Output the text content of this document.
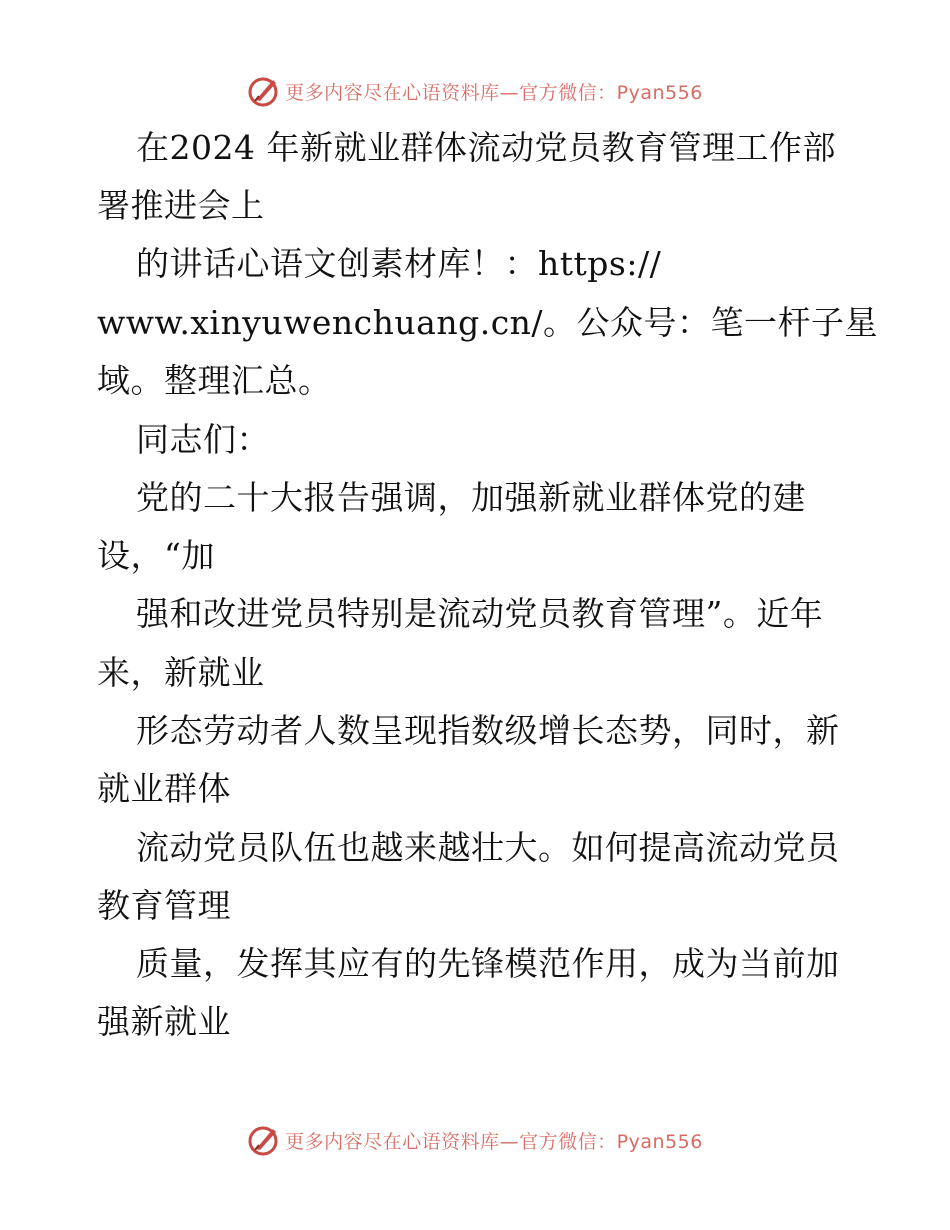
更多内容尽在心语资料库—官方微信：Pyan556
在2024 年新就业群体流动党员教育管理工作部
署推进会上
的讲话心语文创素材库！：https://
www.xinyuwenchuang.cn/。公众号：笔一杆子星
域。整理汇总。
同志们：
党的二十大报告强调，加强新就业群体党的建
设，“加
强和改进党员特别是流动党员教育管理”。近年
来，新就业
形态劳动者人数呈现指数级增长态势，同时，新
就业群体
流动党员队伍也越来越壮大。如何提高流动党员
教育管理
质量，发挥其应有的先锋模范作用，成为当前加
强新就业
更多内容尽在心语资料库—官方微信：Pyan556
